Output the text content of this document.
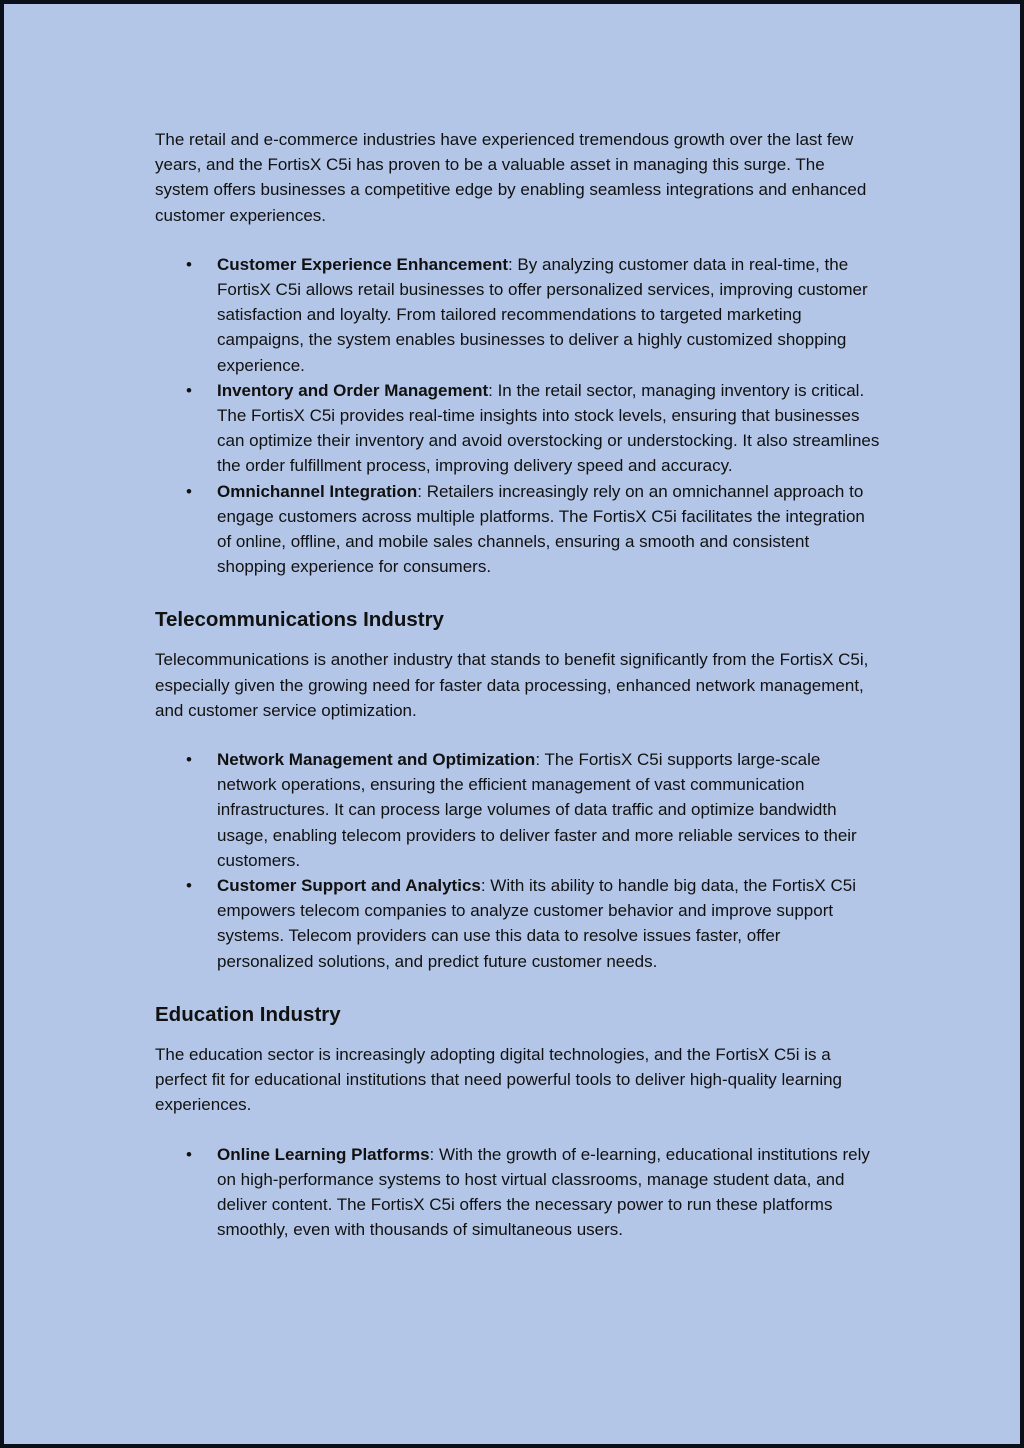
The retail and e-commerce industries have experienced tremendous growth over the last few years, and the FortisX C5i has proven to be a valuable asset in managing this surge. The system offers businesses a competitive edge by enabling seamless integrations and enhanced customer experiences.

• Customer Experience Enhancement: By analyzing customer data in real-time, the FortisX C5i allows retail businesses to offer personalized services, improving customer satisfaction and loyalty. From tailored recommendations to targeted marketing campaigns, the system enables businesses to deliver a highly customized shopping experience.
• Inventory and Order Management: In the retail sector, managing inventory is critical. The FortisX C5i provides real-time insights into stock levels, ensuring that businesses can optimize their inventory and avoid overstocking or understocking. It also streamlines the order fulfillment process, improving delivery speed and accuracy.
• Omnichannel Integration: Retailers increasingly rely on an omnichannel approach to engage customers across multiple platforms. The FortisX C5i facilitates the integration of online, offline, and mobile sales channels, ensuring a smooth and consistent shopping experience for consumers.
Telecommunications Industry

Telecommunications is another industry that stands to benefit significantly from the FortisX C5i, especially given the growing need for faster data processing, enhanced network management, and customer service optimization.

• Network Management and Optimization: The FortisX C5i supports large-scale network operations, ensuring the efficient management of vast communication infrastructures. It can process large volumes of data traffic and optimize bandwidth usage, enabling telecom providers to deliver faster and more reliable services to their customers.
• Customer Support and Analytics: With its ability to handle big data, the FortisX C5i empowers telecom companies to analyze customer behavior and improve support systems. Telecom providers can use this data to resolve issues faster, offer personalized solutions, and predict future customer needs.
Education Industry

The education sector is increasingly adopting digital technologies, and the FortisX C5i is a perfect fit for educational institutions that need powerful tools to deliver high-quality learning experiences.

• Online Learning Platforms: With the growth of e-learning, educational institutions rely on high-performance systems to host virtual classrooms, manage student data, and deliver content. The FortisX C5i offers the necessary power to run these platforms smoothly, even with thousands of simultaneous users.
